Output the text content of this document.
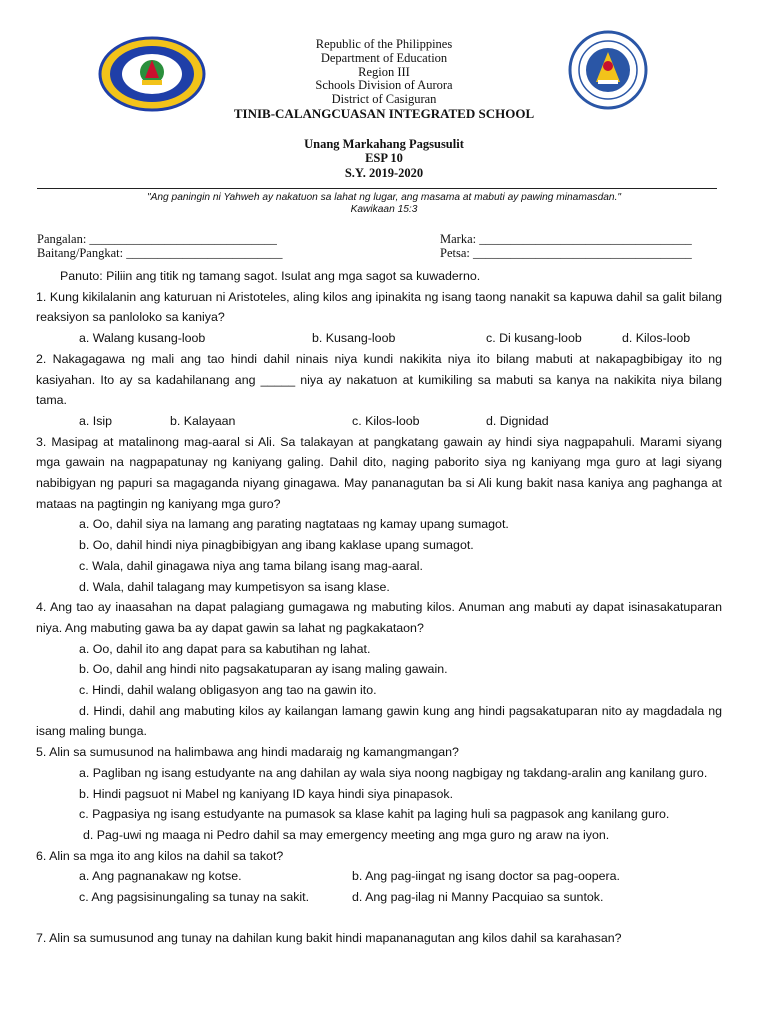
Republic of the Philippines
Department of Education
Region III
Schools Division of Aurora
District of Casiguran
TINIB-CALANGCUASAN INTEGRATED SCHOOL
Unang Markahang Pagsusulit
ESP 10
S.Y. 2019-2020
"Ang paningin ni Yahweh ay nakatuon sa lahat ng lugar, ang masama at mabuti ay pawing minamasdan."
Kawikaan 15:3
Pangalan: ______________________________
Baitang/Pangkat: _________________________
Marka: __________________________________
Petsa: ___________________________________

Panuto: Piliin ang titik ng tamang sagot. Isulat ang mga sagot sa kuwaderno.

1. Kung kikilalanin ang katuruan ni Aristoteles, aling kilos ang ipinakita ng isang taong nanakit sa kapuwa dahil sa galit bilang reaksiyon sa panloloko sa kaniya?

a. Walang kusang-loob	b. Kusang-loob	c. Di kusang-loob	d. Kilos-loob

2. Nakagagawa ng mali ang tao hindi dahil ninais niya kundi nakikita niya ito bilang mabuti at nakapagbibigay ito ng kasiyahan. Ito ay sa kadahilanang ang _____ niya ay nakatuon at kumikiling sa mabuti sa kanya na nakikita niya bilang tama.

a. Isip	b. Kalayaan	c. Kilos-loob	d. Dignidad

3. Masipag at matalinong mag-aaral si Ali. Sa talakayan at pangkatang gawain ay hindi siya nagpapahuli. Marami siyang mga gawain na nagpapatunay ng kaniyang galing. Dahil dito, naging paborito siya ng kaniyang mga guro at lagi siyang nabibigyan ng papuri sa magaganda niyang ginagawa. May pananagutan ba si Ali kung bakit nasa kaniya ang paghanga at mataas na pagtingin ng kaniyang mga guro?

a. Oo, dahil siya na lamang ang parating nagtataas ng kamay upang sumagot.

b. Oo, dahil hindi niya pinagbibigyan ang ibang kaklase upang sumagot.

c. Wala, dahil ginagawa niya ang tama bilang isang mag-aaral.

d. Wala, dahil talagang may kumpetisyon sa isang klase.

4. Ang tao ay inaasahan na dapat palagiang gumagawa ng mabuting kilos. Anuman ang mabuti ay dapat isinasakatuparan niya. Ang mabuting gawa ba ay dapat gawin sa lahat ng pagkakataon?

a. Oo, dahil ito ang dapat para sa kabutihan ng lahat.

b. Oo, dahil ang hindi nito pagsakatuparan ay isang maling gawain.

c. Hindi, dahil walang obligasyon ang tao na gawin ito.

d. Hindi, dahil ang mabuting kilos ay kailangan lamang gawin kung ang hindi pagsakatuparan nito ay magdadala ng isang maling bunga.

5. Alin sa sumusunod na halimbawa ang hindi madaraig ng kamangmangan?

a. Pagliban ng isang estudyante na ang dahilan ay wala siya noong nagbigay ng takdang-aralin ang kanilang guro.

b. Hindi pagsuot ni Mabel ng kaniyang ID kaya hindi siya pinapasok.

c. Pagpasiya ng isang estudyante na pumasok sa klase kahit pa laging huli sa pagpasok ang kanilang guro.

d. Pag-uwi ng maaga ni Pedro dahil sa may emergency meeting ang mga guro ng araw na iyon.

6. Alin sa mga ito ang kilos na dahil sa takot?

a. Ang pagnanakaw ng kotse.	b. Ang pag-iingat ng isang doctor sa pag-oopera.
c. Ang pagsisinungaling sa tunay na sakit.	d. Ang pag-ilag ni Manny Pacquiao sa suntok.

7. Alin sa sumusunod ang tunay na dahilan kung bakit hindi mapananagutan ang kilos dahil sa karahasan?
